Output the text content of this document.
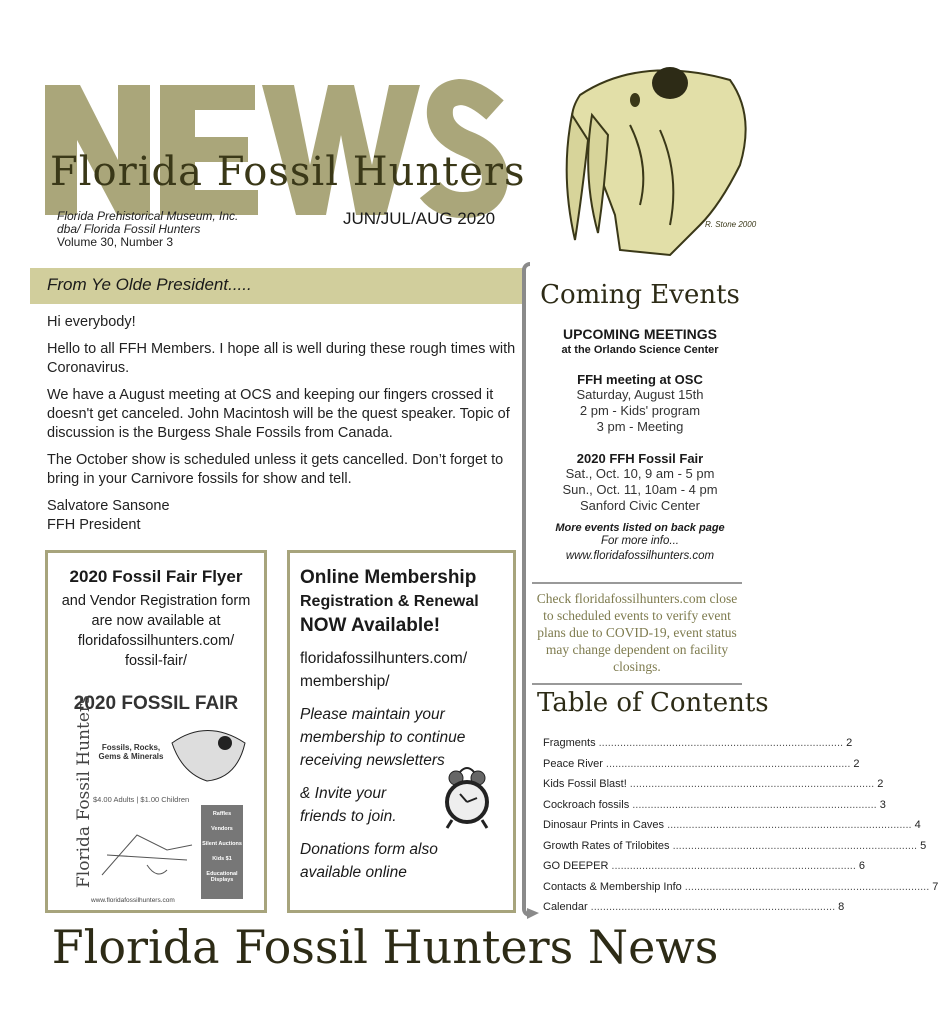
Florida Fossil Hunters
R. Stone 2000
Florida Prehistorical Museum, Inc.
dba/ Florida Fossil Hunters
Volume 30, Number 3
JUN/JUL/AUG 2020
From Ye Olde President.....

Hi everybody!

Hello to all FFH Members. I hope all is well during these rough times with Coronavirus.

We have a August meeting at OCS and keeping our fingers crossed it doesn't get canceled. John Macintosh will be the quest speaker. Topic of discussion is the Burgess Shale Fossils from Canada.

The October show is scheduled unless it gets cancelled. Don’t forget to bring in your Carnivore fossils for show and tell.

Salvatore Sansone
FFH President
2020 Fossil Fair Flyer
and Vendor Registration form
are now available at
floridafossilhunters.com/
fossil-fair/
2020 FOSSIL FAIR
Florida Fossil Hunters Fossils, Rocks, Gems & Minerals
$4.00 Adults | $1.00 Children
Raffles
Vendors
Silent Auctions
Kids $1
Educational Displays
www.floridafossilhunters.com
Online Membership
Registration & Renewal
NOW Available!
floridafossilhunters.com/
membership/
Please maintain your membership to continue receiving newsletters
& Invite your friends to join.
Donations form also available online
Coming Events
UPCOMING MEETINGS
at the Orlando Science Center
FFH meeting at OSC
Saturday, August 15th
2 pm - Kids' program
3 pm - Meeting
2020 FFH Fossil Fair
Sat., Oct. 10, 9 am - 5 pm
Sun., Oct. 11, 10am - 4 pm
Sanford Civic Center
More events listed on back page
For more info...
www.floridafossilhunters.com
Check floridafossilhunters.com close to scheduled events to verify event plans due to COVID-19, event status may change dependent on facility closings.
Table of Contents
Fragments ................................................................................ 2
Peace River ................................................................................ 2
Kids Fossil Blast! ................................................................................ 2
Cockroach fossils ................................................................................ 3
Dinosaur Prints in Caves ................................................................................ 4
Growth Rates of Trilobites ................................................................................ 5
GO DEEPER ................................................................................ 6
Contacts & Membership Info ................................................................................ 7
Calendar ................................................................................ 8
Florida Fossil Hunters News
